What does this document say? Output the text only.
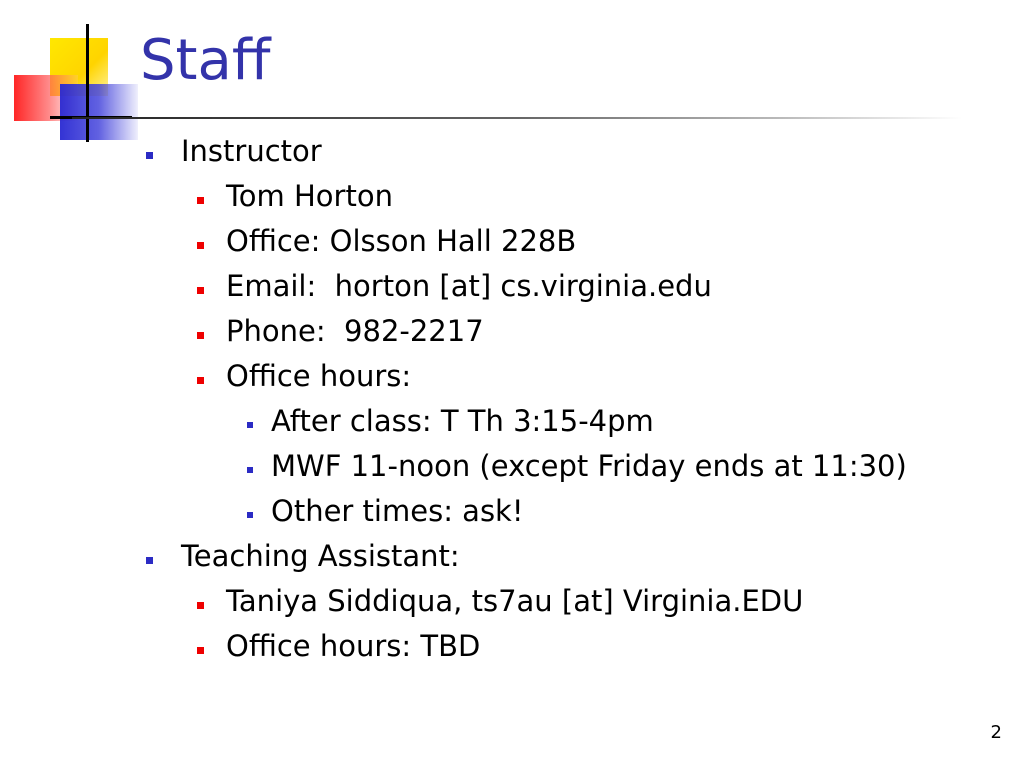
Staff
Instructor
Tom Horton
Office: Olsson Hall 228B
Email:  horton [at] cs.virginia.edu
Phone:  982-2217
Office hours:
After class: T Th 3:15-4pm
MWF 11-noon (except Friday ends at 11:30)
Other times: ask!
Teaching Assistant:
Taniya Siddiqua, ts7au [at] Virginia.EDU
Office hours: TBD
2
